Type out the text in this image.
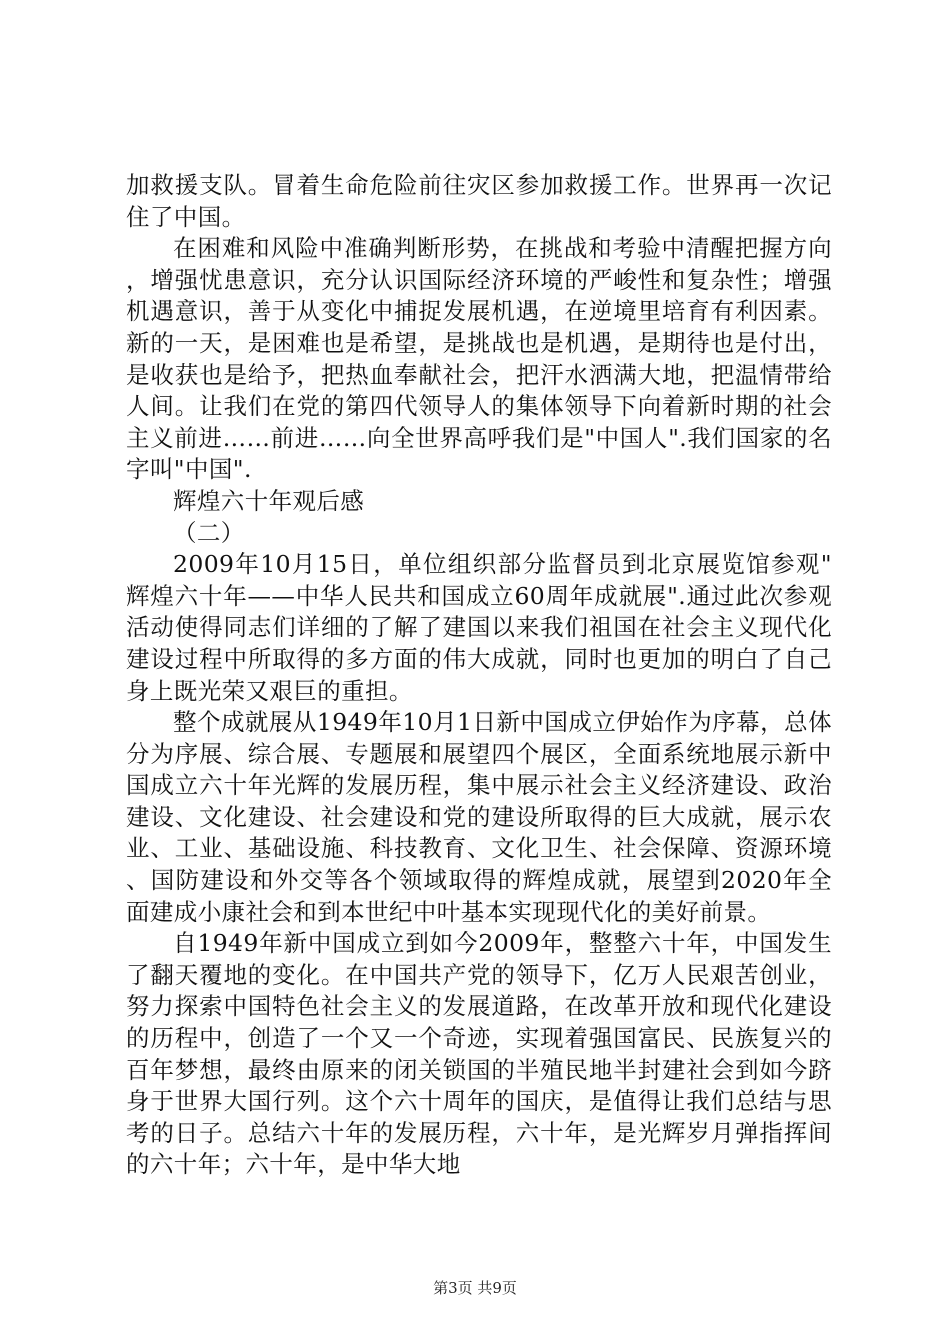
加救援支队。冒着生命危险前往灾区参加救援工作。世界再一次记住了中国。

在困难和风险中准确判断形势，在挑战和考验中清醒把握方向，增强忧患意识，充分认识国际经济环境的严峻性和复杂性；增强机遇意识，善于从变化中捕捉发展机遇，在逆境里培育有利因素。新的一天，是困难也是希望，是挑战也是机遇，是期待也是付出，是收获也是给予，把热血奉献社会，把汗水洒满大地，把温情带给人间。让我们在党的第四代领导人的集体领导下向着新时期的社会主义前进……前进……向全世界高呼我们是"中国人".我们国家的名字叫"中国".

辉煌六十年观后感

（二）

2009年10月15日，单位组织部分监督员到北京展览馆参观"辉煌六十年——中华人民共和国成立60周年成就展".通过此次参观活动使得同志们详细的了解了建国以来我们祖国在社会主义现代化建设过程中所取得的多方面的伟大成就，同时也更加的明白了自己身上既光荣又艰巨的重担。

整个成就展从1949年10月1日新中国成立伊始作为序幕，总体分为序展、综合展、专题展和展望四个展区，全面系统地展示新中国成立六十年光辉的发展历程，集中展示社会主义经济建设、政治建设、文化建设、社会建设和党的建设所取得的巨大成就，展示农业、工业、基础设施、科技教育、文化卫生、社会保障、资源环境、国防建设和外交等各个领域取得的辉煌成就，展望到2020年全面建成小康社会和到本世纪中叶基本实现现代化的美好前景。

自1949年新中国成立到如今2009年，整整六十年，中国发生了翻天覆地的变化。在中国共产党的领导下，亿万人民艰苦创业，努力探索中国特色社会主义的发展道路，在改革开放和现代化建设的历程中，创造了一个又一个奇迹，实现着强国富民、民族复兴的百年梦想，最终由原来的闭关锁国的半殖民地半封建社会到如今跻身于世界大国行列。这个六十周年的国庆，是值得让我们总结与思考的日子。总结六十年的发展历程，六十年，是光辉岁月弹指挥间的六十年；六十年，是中华大地

第3页 共9页
